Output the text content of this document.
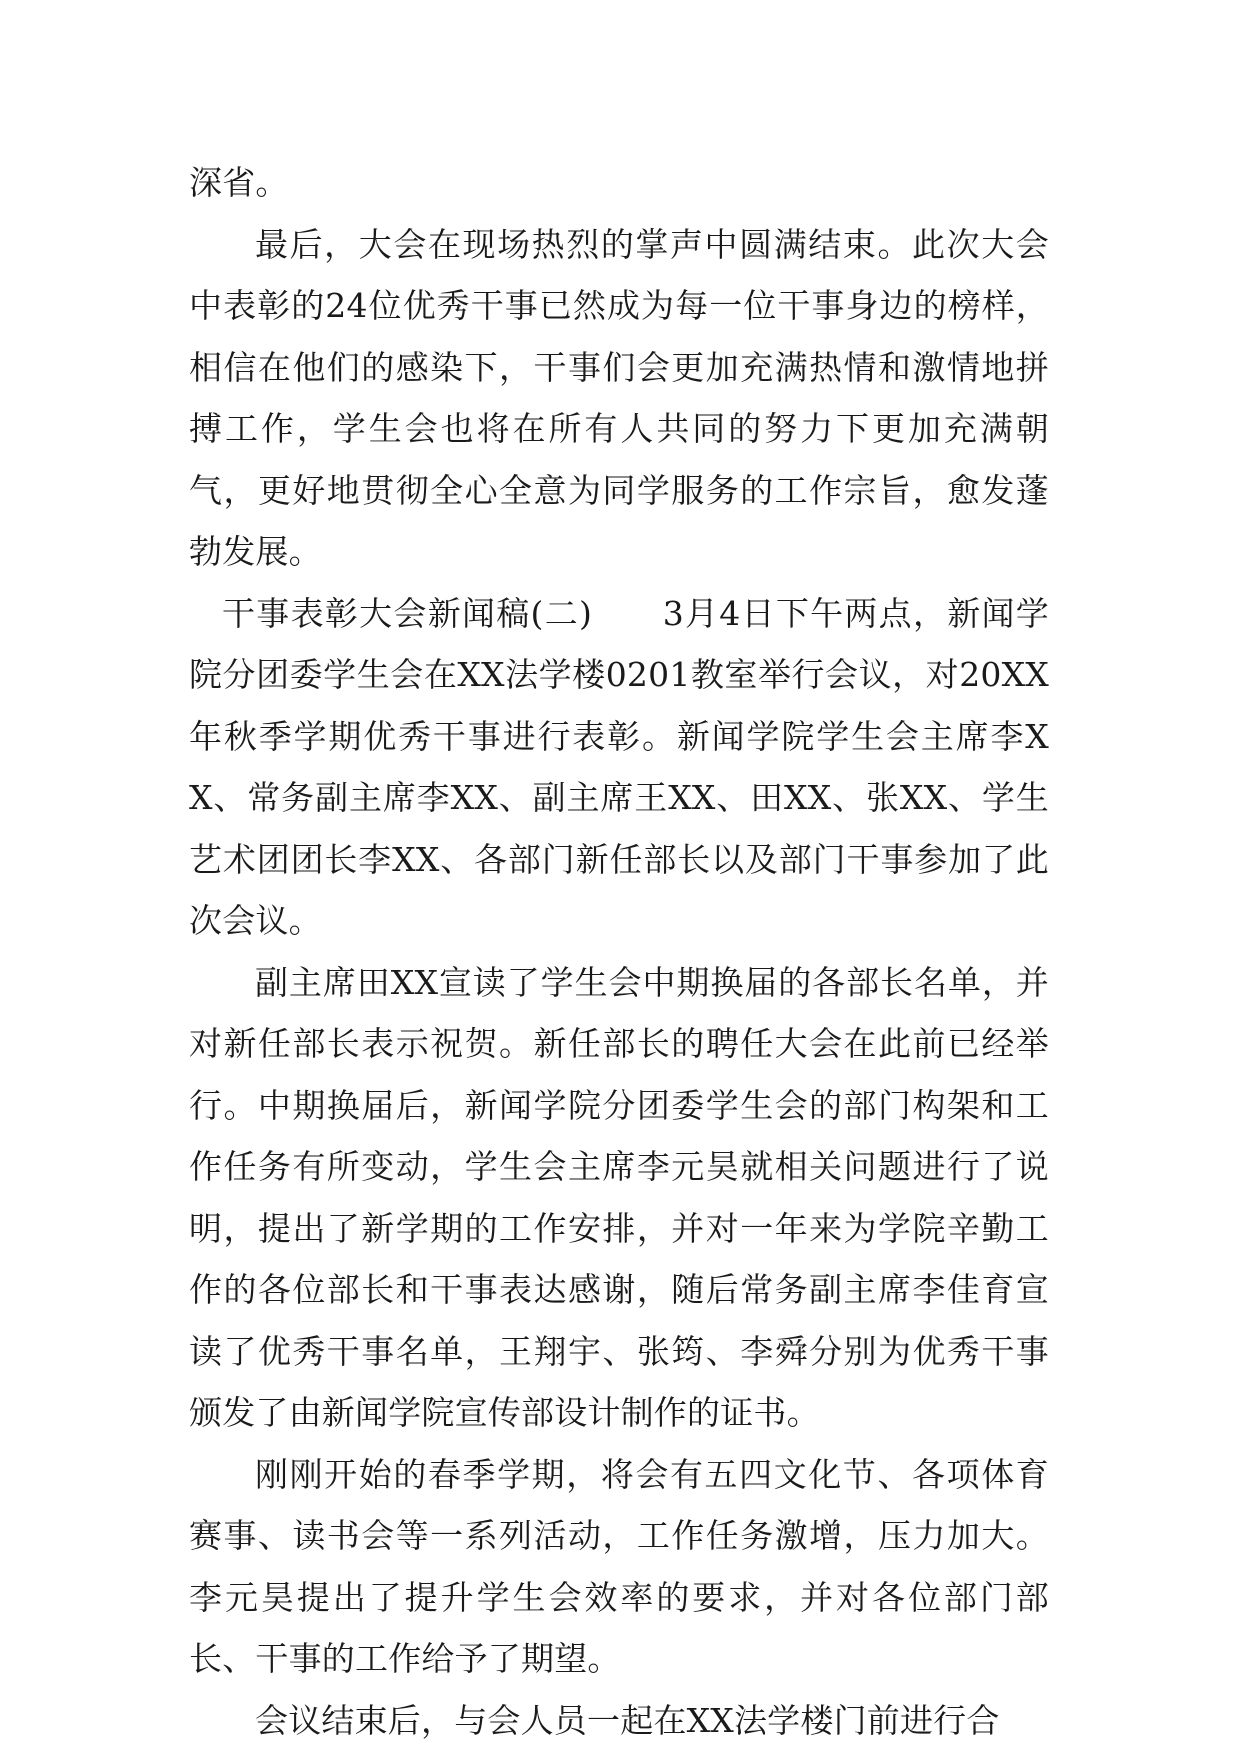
深省。

最后，大会在现场热烈的掌声中圆满结束。此次大会中表彰的24位优秀干事已然成为每一位干事身边的榜样，相信在他们的感染下，干事们会更加充满热情和激情地拼搏工作，学生会也将在所有人共同的努力下更加充满朝气，更好地贯彻全心全意为同学服务的工作宗旨，愈发蓬勃发展。

干事表彰大会新闻稿(二) 3月4日下午两点，新闻学院分团委学生会在XX法学楼0201教室举行会议，对20XX年秋季学期优秀干事进行表彰。新闻学院学生会主席李XX、常务副主席李XX、副主席王XX、田XX、张XX、学生艺术团团长李XX、各部门新任部长以及部门干事参加了此次会议。

副主席田XX宣读了学生会中期换届的各部长名单，并对新任部长表示祝贺。新任部长的聘任大会在此前已经举行。中期换届后，新闻学院分团委学生会的部门构架和工作任务有所变动，学生会主席李元昊就相关问题进行了说明，提出了新学期的工作安排，并对一年来为学院辛勤工作的各位部长和干事表达感谢，随后常务副主席李佳育宣读了优秀干事名单，王翔宇、张筠、李舜分别为优秀干事颁发了由新闻学院宣传部设计制作的证书。

刚刚开始的春季学期，将会有五四文化节、各项体育赛事、读书会等一系列活动，工作任务激增，压力加大。李元昊提出了提升学生会效率的要求，并对各位部门部长、干事的工作给予了期望。

会议结束后，与会人员一起在XX法学楼门前进行合
